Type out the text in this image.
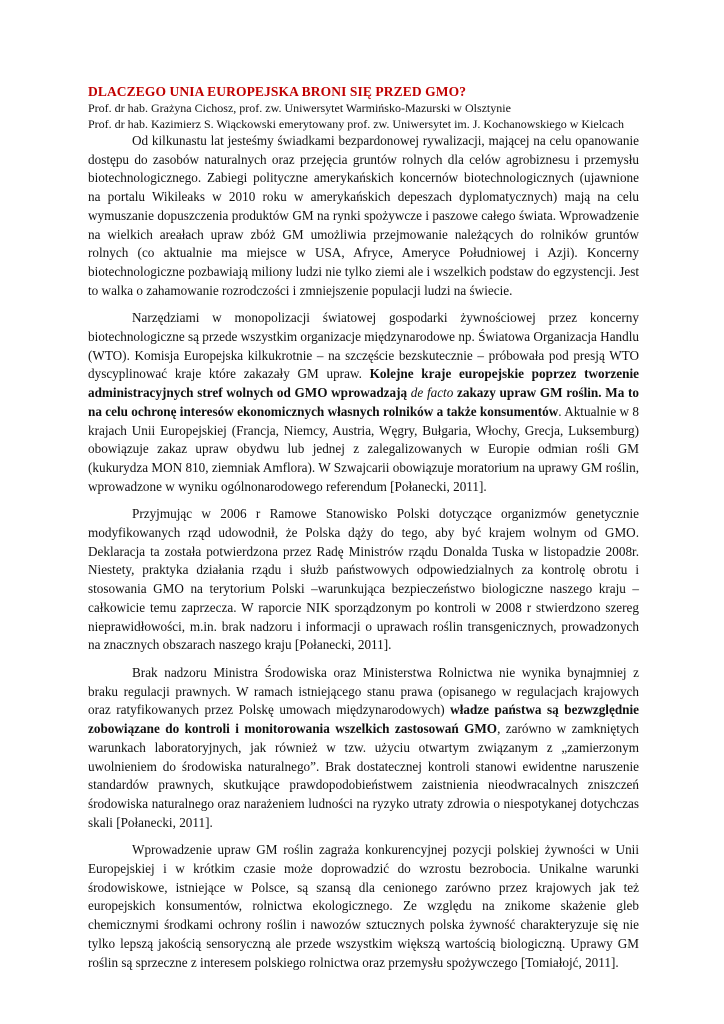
DLACZEGO UNIA EUROPEJSKA BRONI SIĘ PRZED GMO?

Prof. dr hab. Grażyna Cichosz, prof. zw. Uniwersytet Warmińsko-Mazurski w Olsztynie

Prof. dr hab. Kazimierz S. Wiąckowski emerytowany prof. zw. Uniwersytet im. J. Kochanowskiego w Kielcach

Od kilkunastu lat jesteśmy świadkami bezpardonowej rywalizacji, mającej na celu opanowanie dostępu do zasobów naturalnych oraz przejęcia gruntów rolnych dla celów agrobiznesu i przemysłu biotechnologicznego. Zabiegi polityczne amerykańskich koncernów biotechnologicznych (ujawnione na portalu Wikileaks w 2010 roku w amerykańskich depeszach dyplomatycznych) mają na celu wymuszanie dopuszczenia produktów GM na rynki spożywcze i paszowe całego świata. Wprowadzenie na wielkich areałach upraw zbóż GM umożliwia przejmowanie należących do rolników gruntów rolnych (co aktualnie ma miejsce w USA, Afryce, Ameryce Południowej i Azji). Koncerny biotechnologiczne pozbawiają miliony ludzi nie tylko ziemi ale i wszelkich podstaw do egzystencji. Jest to walka o zahamowanie rozrodczości i zmniejszenie populacji ludzi na świecie.

Narzędziami w monopolizacji światowej gospodarki żywnościowej przez koncerny biotechnologiczne są przede wszystkim organizacje międzynarodowe np. Światowa Organizacja Handlu (WTO). Komisja Europejska kilkukrotnie – na szczęście bezskutecznie – próbowała pod presją WTO dyscyplinować kraje które zakazały GM upraw. Kolejne kraje europejskie poprzez tworzenie administracyjnych stref wolnych od GMO wprowadzają de facto zakazy upraw GM roślin. Ma to na celu ochronę interesów ekonomicznych własnych rolników a także konsumentów. Aktualnie w 8 krajach Unii Europejskiej (Francja, Niemcy, Austria, Węgry, Bułgaria, Włochy, Grecja, Luksemburg) obowiązuje zakaz upraw obydwu lub jednej z zalegalizowanych w Europie odmian rośli GM (kukurydza MON 810, ziemniak Amflora). W Szwajcarii obowiązuje moratorium na uprawy GM roślin, wprowadzone w wyniku ogólnonarodowego referendum [Połanecki, 2011].

Przyjmując w 2006 r Ramowe Stanowisko Polski dotyczące organizmów genetycznie modyfikowanych rząd udowodnił, że Polska dąży do tego, aby być krajem wolnym od GMO. Deklaracja ta została potwierdzona przez Radę Ministrów rządu Donalda Tuska w listopadzie 2008r. Niestety, praktyka działania rządu i służb państwowych odpowiedzialnych za kontrolę obrotu i stosowania GMO na terytorium Polski –warunkująca bezpieczeństwo biologiczne naszego kraju – całkowicie temu zaprzecza. W raporcie NIK sporządzonym po kontroli w 2008 r stwierdzono szereg nieprawidłowości, m.in. brak nadzoru i informacji o uprawach roślin transgenicznych, prowadzonych na znacznych obszarach naszego kraju [Połanecki, 2011].

Brak nadzoru Ministra Środowiska oraz Ministerstwa Rolnictwa nie wynika bynajmniej z braku regulacji prawnych. W ramach istniejącego stanu prawa (opisanego w regulacjach krajowych oraz ratyfikowanych przez Polskę umowach międzynarodowych) władze państwa są bezwzględnie zobowiązane do kontroli i monitorowania wszelkich zastosowań GMO, zarówno w zamkniętych warunkach laboratoryjnych, jak również w tzw. użyciu otwartym związanym z „zamierzonym uwolnieniem do środowiska naturalnego”. Brak dostatecznej kontroli stanowi ewidentne naruszenie standardów prawnych, skutkujące prawdopodobieństwem zaistnienia nieodwracalnych zniszczeń środowiska naturalnego oraz narażeniem ludności na ryzyko utraty zdrowia o niespotykanej dotychczas skali [Połanecki, 2011].

Wprowadzenie upraw GM roślin zagraża konkurencyjnej pozycji polskiej żywności w Unii Europejskiej i w krótkim czasie może doprowadzić do wzrostu bezrobocia. Unikalne warunki środowiskowe, istniejące w Polsce, są szansą dla cenionego zarówno przez krajowych jak też europejskich konsumentów, rolnictwa ekologicznego. Ze względu na znikome skażenie gleb chemicznymi środkami ochrony roślin i nawozów sztucznych polska żywność charakteryzuje się nie tylko lepszą jakością sensoryczną ale przede wszystkim większą wartością biologiczną. Uprawy GM roślin są sprzeczne z interesem polskiego rolnictwa oraz przemysłu spożywczego [Tomiałojć, 2011].
